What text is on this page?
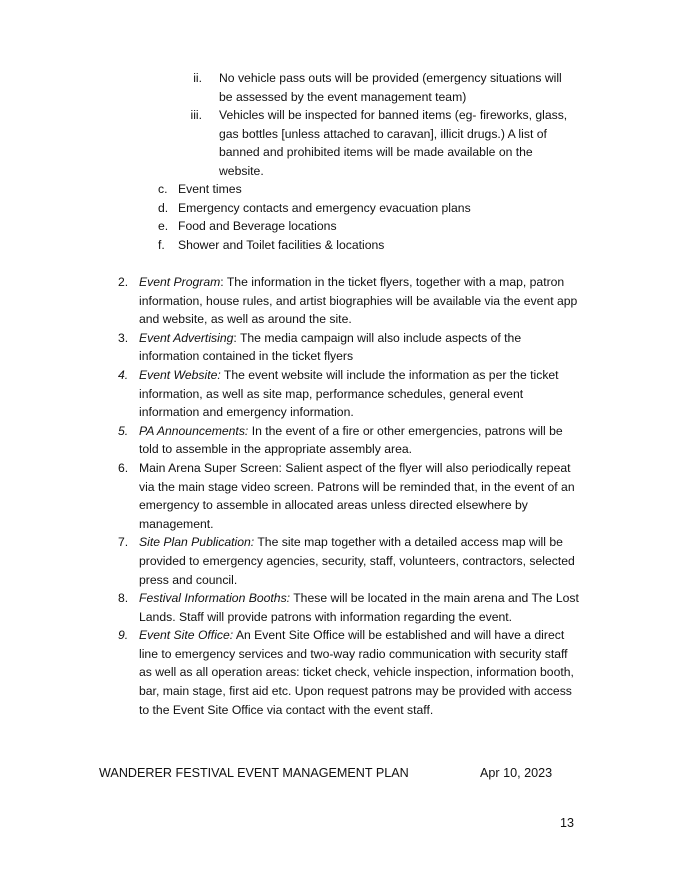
ii. No vehicle pass outs will be provided (emergency situations will be assessed by the event management team)
iii. Vehicles will be inspected for banned items (eg- fireworks, glass, gas bottles [unless attached to caravan], illicit drugs.) A list of banned and prohibited items will be made available on the website.
c. Event times
d. Emergency contacts and emergency evacuation plans
e. Food and Beverage locations
f. Shower and Toilet facilities & locations
2. Event Program: The information in the ticket flyers, together with a map, patron information, house rules, and artist biographies will be available via the event app and website, as well as around the site.
3. Event Advertising: The media campaign will also include aspects of the information contained in the ticket flyers
4. Event Website: The event website will include the information as per the ticket information, as well as site map, performance schedules, general event information and emergency information.
5. PA Announcements: In the event of a fire or other emergencies, patrons will be told to assemble in the appropriate assembly area.
6. Main Arena Super Screen: Salient aspect of the flyer will also periodically repeat via the main stage video screen. Patrons will be reminded that, in the event of an emergency to assemble in allocated areas unless directed elsewhere by management.
7. Site Plan Publication: The site map together with a detailed access map will be provided to emergency agencies, security, staff, volunteers, contractors, selected press and council.
8. Festival Information Booths: These will be located in the main arena and The Lost Lands. Staff will provide patrons with information regarding the event.
9. Event Site Office: An Event Site Office will be established and will have a direct line to emergency services and two-way radio communication with security staff as well as all operation areas: ticket check, vehicle inspection, information booth, bar, main stage, first aid etc. Upon request patrons may be provided with access to the Event Site Office via contact with the event staff.
WANDERER FESTIVAL EVENT MANAGEMENT PLAN	Apr 10, 2023
13
